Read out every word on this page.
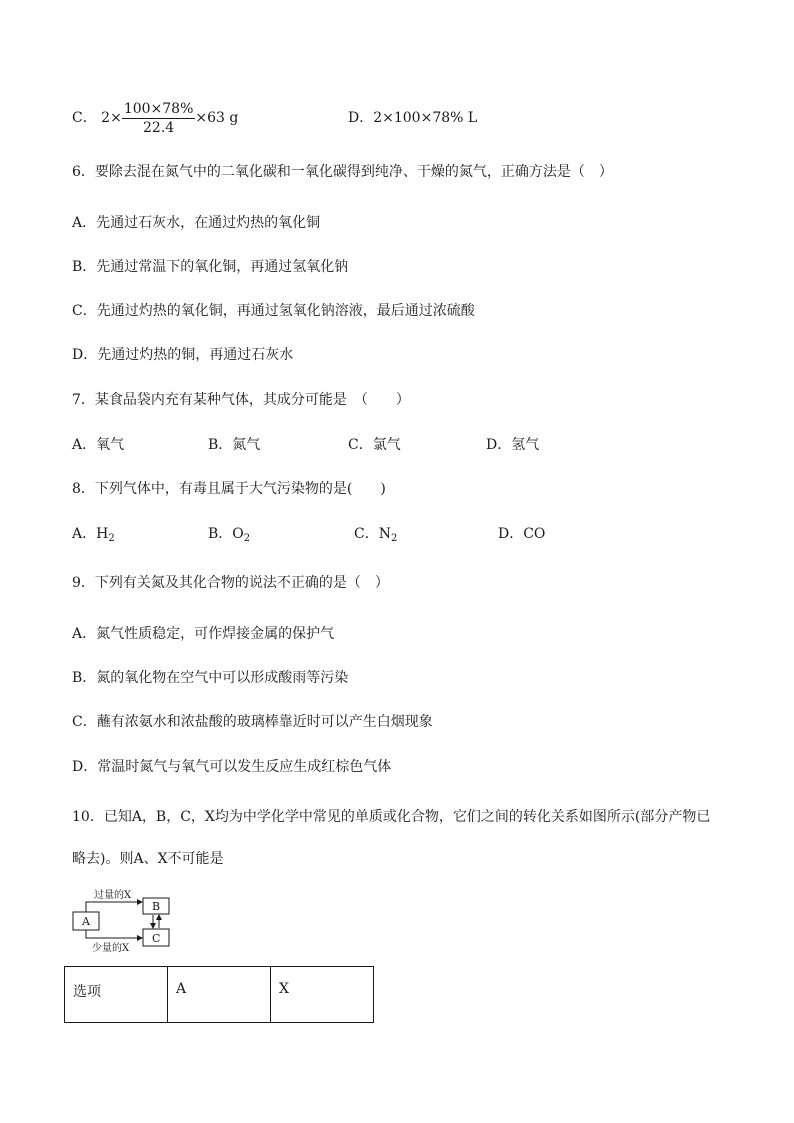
C． $2\times \frac{100\times 78\%}{22.4} \times 63$ g	D．2×100×78% L
6．要除去混在氮气中的二氧化碳和一氧化碳得到纯净、干燥的氮气，正确方法是（　）
A．先通过石灰水，在通过灼热的氧化铜
B．先通过常温下的氧化铜，再通过氢氧化钠
C．先通过灼热的氧化铜，再通过氢氧化钠溶液，最后通过浓硫酸
D．先通过灼热的铜，再通过石灰水
7．某食品袋内充有某种气体，其成分可能是　（　　）
A．氧气	B．氮气	C．氯气	D．氢气
8．下列气体中，有毒且属于大气污染物的是(　　)
A．$H_2$	B．$O_2$	C．$N_2$	D．CO
9．下列有关氮及其化合物的说法不正确的是（　）
A．氮气性质稳定，可作焊接金属的保护气
B．氮的氧化物在空气中可以形成酸雨等污染
C．蘸有浓氨水和浓盐酸的玻璃棒靠近时可以产生白烟现象
D．常温时氮气与氧气可以发生反应生成红棕色气体
10．已知A，B，C，X均为中学化学中常见的单质或化合物，它们之间的转化关系如图所示(部分产物已
略去)。则A、X不可能是
过量的X
B
A
C
少量的X
选项	A	X
